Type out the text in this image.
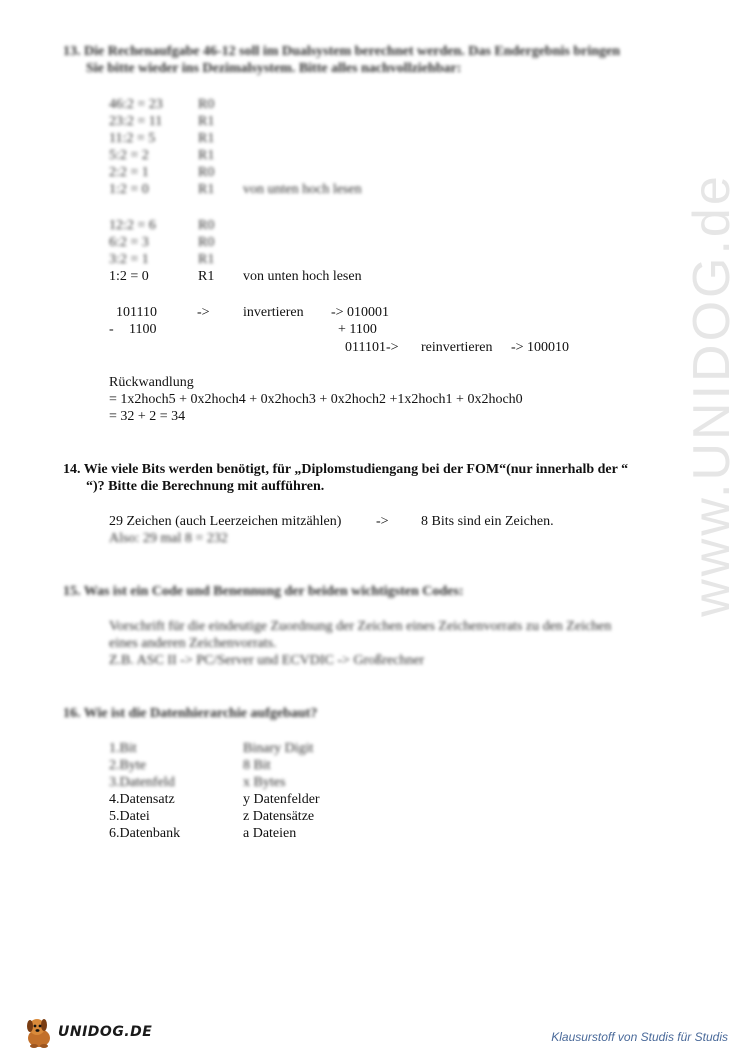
www.UNIDOG.de
13. Die Rechenaufgabe 46-12 soll im Dualsystem berechnet werden. Das Endergebnis bringen
Sie bitte wieder ins Dezimalsystem. Bitte alles nachvollziehbar:
46:2 = 23	R0
23:2 = 11	R1
11:2 = 5	R1
5:2 = 2	R1
2:2 = 1	R0
1:2 = 0	R1 von unten hoch lesen
12:2 = 6	R0
6:2 = 3	R0
3:2 = 1	R1
1:2 = 0	R1 von unten hoch lesen
101110	-> invertieren -> 010001
- 1100	+ 1100
011101-> reinvertieren -> 100010
Rückwandlung
= 1x2hoch5 + 0x2hoch4 + 0x2hoch3 + 0x2hoch2 +1x2hoch1 + 0x2hoch0
= 32 + 2 = 34
14. Wie viele Bits werden benötigt, für „Diplomstudiengang bei der FOM“(nur innerhalb der “
“)? Bitte die Berechnung mit aufführen.
29 Zeichen (auch Leerzeichen mitzählen) -> 8 Bits sind ein Zeichen.
Also: 29 mal 8 = 232
15. Was ist ein Code und Benennung der beiden wichtigsten Codes:
Vorschrift für die eindeutige Zuordnung der Zeichen eines Zeichenvorrats zu den Zeichen
eines anderen Zeichenvorrats.
Z.B. ASC II -> PC/Server und ECVDIC -> Großrechner
16. Wie ist die Datenhierarchie aufgebaut?
1.Bit	Binary Digit
2.Byte	8 Bit
3.Datenfeld	x Bytes
4.Datensatz	y Datenfelder
5.Datei	z Datensätze
6.Datenbank	a Dateien
UNIDOG.DE	Klausurstoff von Studis für Studis
